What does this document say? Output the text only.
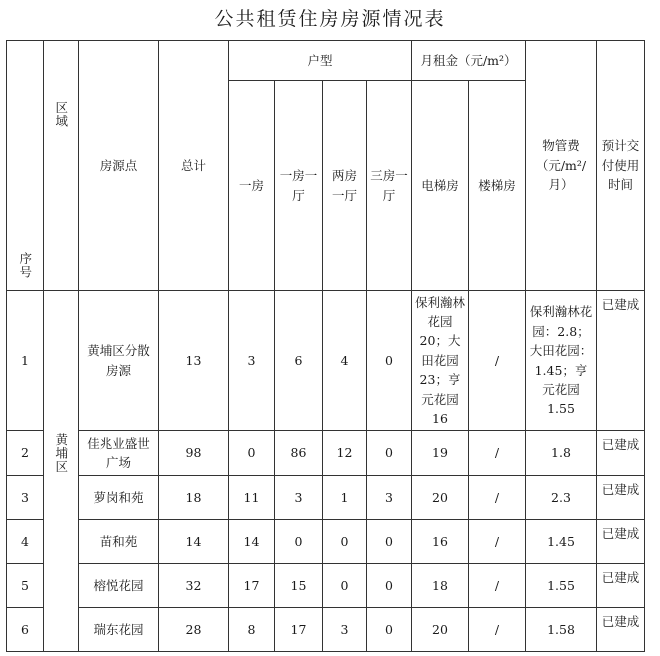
公共租赁住房房源情况表
序号	区域	房源点	总计	户型				月租金（元/m²）		物管费（元/m²/月）	预计交付使用时间
				一房	一房一厅	两房一厅	三房一厅	电梯房	楼梯房		
1	黄埔区	黄埔区分散房源	13	3	6	4	0	保利瀚林花园20；大田花园23；亨元花园16	/	保利瀚林花园：2.8；大田花园：1.45；亨元花园1.55	已建成
2		佳兆业盛世广场	98	0	86	12	0	19	/	1.8	已建成
3		萝岗和苑	18	11	3	1	3	20	/	2.3	已建成
4		苗和苑	14	14	0	0	0	16	/	1.45	已建成
5		榕悦花园	32	17	15	0	0	18	/	1.55	已建成
6		瑞东花园	28	8	17	3	0	20	/	1.58	已建成
